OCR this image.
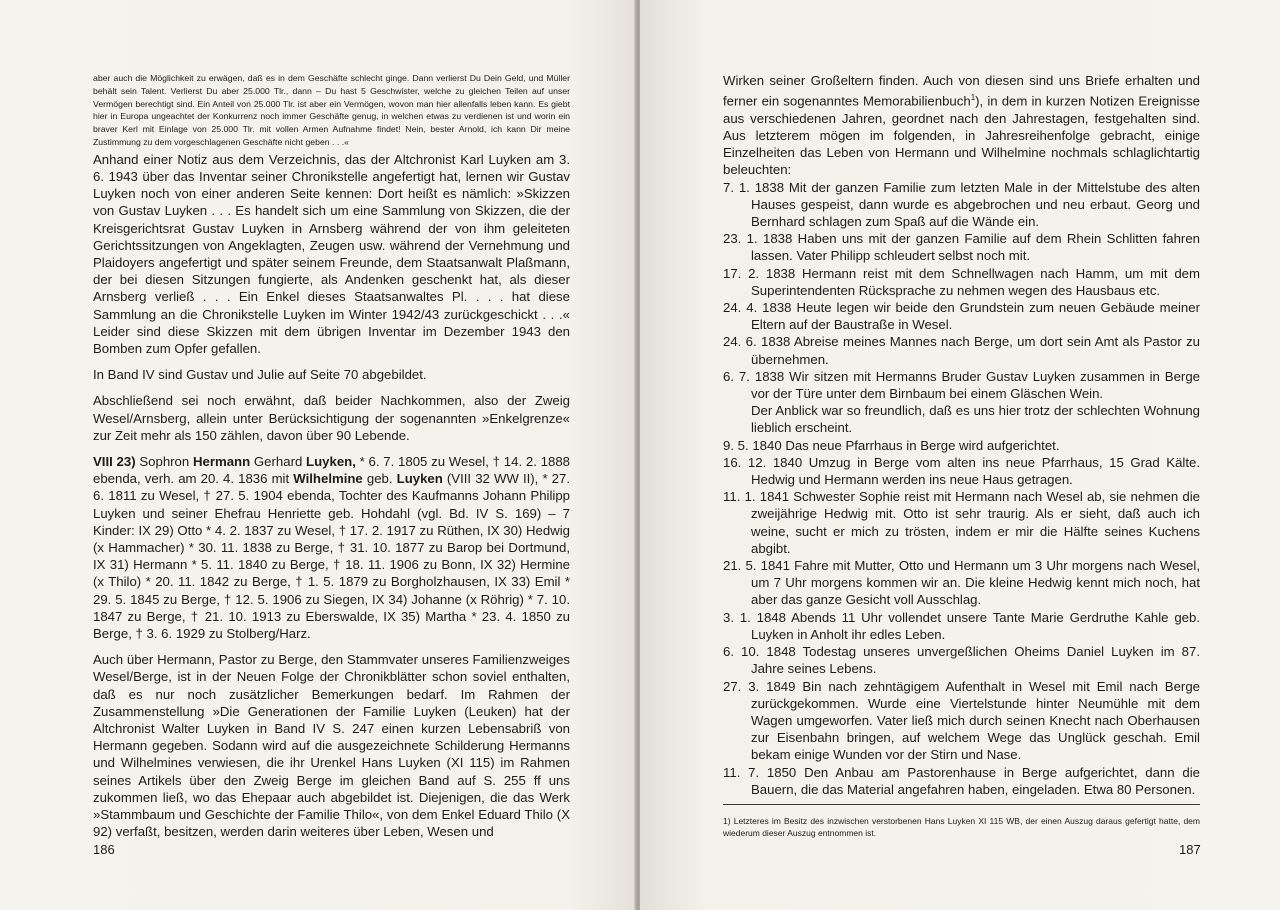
aber auch die Möglichkeit zu erwägen, daß es in dem Geschäfte schlecht ginge. Dann verlierst Du Dein Geld, und Müller behält sein Talent. Verlierst Du aber 25.000 Tlr., dann – Du hast 5 Geschwister, welche zu gleichen Teilen auf unser Vermögen berechtigt sind. Ein Anteil von 25.000 Tlr. ist aber ein Vermögen, wovon man hier allenfalls leben kann. Es giebt hier in Europa ungeachtet der Konkurrenz noch immer Geschäfte genug, in welchen etwas zu verdienen ist und worin ein braver Kerl mit Einlage von 25.000 Tlr. mit vollen Armen Aufnahme findet! Nein, bester Arnold, ich kann Dir meine Zustimmung zu dem vorgeschlagenen Geschäfte nicht geben . . .«

Anhand einer Notiz aus dem Verzeichnis, das der Altchronist Karl Luyken am 3. 6. 1943 über das Inventar seiner Chronikstelle angefertigt hat, lernen wir Gustav Luyken noch von einer anderen Seite kennen: Dort heißt es nämlich: »Skizzen von Gustav Luyken . . . Es handelt sich um eine Sammlung von Skizzen, die der Kreisgerichtsrat Gustav Luyken in Arnsberg während der von ihm geleiteten Gerichtssitzungen von Angeklagten, Zeugen usw. während der Vernehmung und Plaidoyers angefertigt und später seinem Freunde, dem Staatsanwalt Plaßmann, der bei diesen Sitzungen fungierte, als Andenken geschenkt hat, als dieser Arnsberg verließ . . . Ein Enkel dieses Staatsanwaltes Pl. . . . hat diese Sammlung an die Chronikstelle Luyken im Winter 1942/43 zurückgeschickt . . .« Leider sind diese Skizzen mit dem übrigen Inventar im Dezember 1943 den Bomben zum Opfer gefallen.

In Band IV sind Gustav und Julie auf Seite 70 abgebildet.

Abschließend sei noch erwähnt, daß beider Nachkommen, also der Zweig Wesel/Arnsberg, allein unter Berücksichtigung der sogenannten »Enkelgrenze« zur Zeit mehr als 150 zählen, davon über 90 Lebende.

VIII 23) Sophron Hermann Gerhard Luyken, * 6. 7. 1805 zu Wesel, † 14. 2. 1888 ebenda, verh. am 20. 4. 1836 mit Wilhelmine geb. Luyken (VIII 32 WW II), * 27. 6. 1811 zu Wesel, † 27. 5. 1904 ebenda, Tochter des Kaufmanns Johann Philipp Luyken und seiner Ehefrau Henriette geb. Hohdahl (vgl. Bd. IV S. 169) – 7 Kinder: IX 29) Otto * 4. 2. 1837 zu Wesel, † 17. 2. 1917 zu Rüthen, IX 30) Hedwig (x Hammacher) * 30. 11. 1838 zu Berge, † 31. 10. 1877 zu Barop bei Dortmund, IX 31) Hermann * 5. 11. 1840 zu Berge, † 18. 11. 1906 zu Bonn, IX 32) Hermine (x Thilo) * 20. 11. 1842 zu Berge, † 1. 5. 1879 zu Borgholzhausen, IX 33) Emil * 29. 5. 1845 zu Berge, † 12. 5. 1906 zu Siegen, IX 34) Johanne (x Röhrig) * 7. 10. 1847 zu Berge, † 21. 10. 1913 zu Eberswalde, IX 35) Martha * 23. 4. 1850 zu Berge, † 3. 6. 1929 zu Stolberg/Harz.

Auch über Hermann, Pastor zu Berge, den Stammvater unseres Familienzweiges Wesel/Berge, ist in der Neuen Folge der Chronikblätter schon soviel enthalten, daß es nur noch zusätzlicher Bemerkungen bedarf. Im Rahmen der Zusammenstellung »Die Generationen der Familie Luyken (Leuken) hat der Altchronist Walter Luyken in Band IV S. 247 einen kurzen Lebensabriß von Hermann gegeben. Sodann wird auf die ausgezeichnete Schilderung Hermanns und Wilhelmines verwiesen, die ihr Urenkel Hans Luyken (XI 115) im Rahmen seines Artikels über den Zweig Berge im gleichen Band auf S. 255 ff uns zukommen ließ, wo das Ehepaar auch abgebildet ist. Diejenigen, die das Werk »Stammbaum und Geschichte der Familie Thilo«, von dem Enkel Eduard Thilo (X 92) verfaßt, besitzen, werden darin weiteres über Leben, Wesen und

186

Wirken seiner Großeltern finden. Auch von diesen sind uns Briefe erhalten und ferner ein sogenanntes Memorabilienbuch$^1$), in dem in kurzen Notizen Ereignisse aus verschiedenen Jahren, geordnet nach den Jahrestagen, festgehalten sind. Aus letzterem mögen im folgenden, in Jahresreihenfolge gebracht, einige Einzelheiten das Leben von Hermann und Wilhelmine nochmals schlaglichtartig beleuchten:

7. 1. 1838 Mit der ganzen Familie zum letzten Male in der Mittelstube des alten Hauses gespeist, dann wurde es abgebrochen und neu erbaut. Georg und Bernhard schlagen zum Spaß auf die Wände ein.
23. 1. 1838 Haben uns mit der ganzen Familie auf dem Rhein Schlitten fahren lassen. Vater Philipp schleudert selbst noch mit.
17. 2. 1838 Hermann reist mit dem Schnellwagen nach Hamm, um mit dem Superintendenten Rücksprache zu nehmen wegen des Hausbaus etc.
24. 4. 1838 Heute legen wir beide den Grundstein zum neuen Gebäude meiner Eltern auf der Baustraße in Wesel.
24. 6. 1838 Abreise meines Mannes nach Berge, um dort sein Amt als Pastor zu übernehmen.
6. 7. 1838 Wir sitzen mit Hermanns Bruder Gustav Luyken zusammen in Berge vor der Türe unter dem Birnbaum bei einem Gläschen Wein.
Der Anblick war so freundlich, daß es uns hier trotz der schlechten Wohnung lieblich erscheint.
9. 5. 1840 Das neue Pfarrhaus in Berge wird aufgerichtet.
16. 12. 1840 Umzug in Berge vom alten ins neue Pfarrhaus, 15 Grad Kälte. Hedwig und Hermann werden ins neue Haus getragen.
11. 1. 1841 Schwester Sophie reist mit Hermann nach Wesel ab, sie nehmen die zweijährige Hedwig mit. Otto ist sehr traurig. Als er sieht, daß auch ich weine, sucht er mich zu trösten, indem er mir die Hälfte seines Kuchens abgibt.
21. 5. 1841 Fahre mit Mutter, Otto und Hermann um 3 Uhr morgens nach Wesel, um 7 Uhr morgens kommen wir an. Die kleine Hedwig kennt mich noch, hat aber das ganze Gesicht voll Ausschlag.
3. 1. 1848 Abends 11 Uhr vollendet unsere Tante Marie Gerdruthe Kahle geb. Luyken in Anholt ihr edles Leben.
6. 10. 1848 Todestag unseres unvergeßlichen Oheims Daniel Luyken im 87. Jahre seines Lebens.
27. 3. 1849 Bin nach zehntägigem Aufenthalt in Wesel mit Emil nach Berge zurückgekommen. Wurde eine Viertelstunde hinter Neumühle mit dem Wagen umgeworfen. Vater ließ mich durch seinen Knecht nach Oberhausen zur Eisenbahn bringen, auf welchem Wege das Unglück geschah. Emil bekam einige Wunden vor der Stirn und Nase.
11. 7. 1850 Den Anbau am Pastorenhause in Berge aufgerichtet, dann die Bauern, die das Material angefahren haben, eingeladen. Etwa 80 Personen.

1) Letzteres im Besitz des inzwischen verstorbenen Hans Luyken XI 115 WB, der einen Auszug daraus gefertigt hatte, dem wiederum dieser Auszug entnommen ist.

187
